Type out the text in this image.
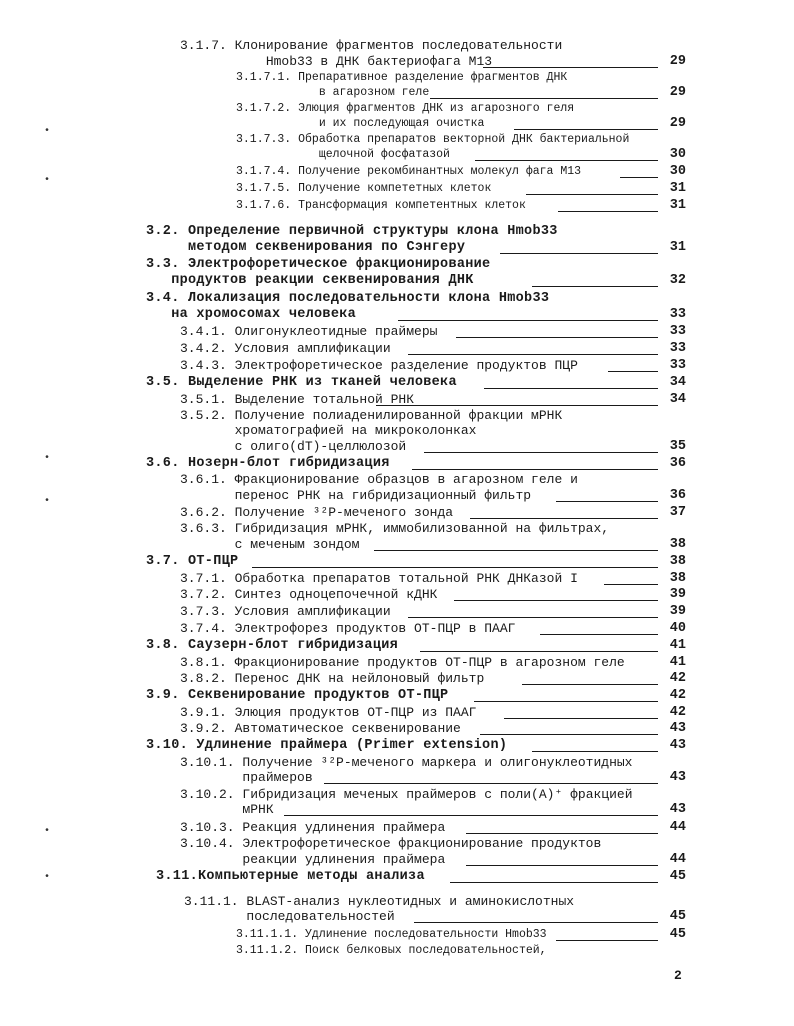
3.1.7. Клонирование фрагментов последовательности
Hmob33 в ДНК бактериофага M13	29
3.1.7.1. Препаративное разделение фрагментов ДНК
в агарозном геле	29
3.1.7.2. Элюция фрагментов ДНК из агарозного геля
и их последующая очистка	29
3.1.7.3. Обработка препаратов векторной ДНК бактериальной
щелочной фосфатазой	30
3.1.7.4. Получение рекомбинантных молекул фага M13	30
3.1.7.5. Получение компететных клеток	31
3.1.7.6. Трансформация компетентных клеток	31
3.2. Определение первичной структуры клона Hmob33
методом секвенирования по Сэнгеру	31
3.3. Электрофоретическое фракционирование
продуктов реакции секвенирования ДНК	32
3.4. Локализация последовательности клона Hmob33
на хромосомах человека	33
3.4.1. Олигонуклеотидные праймеры	33
3.4.2. Условия амплификации	33
3.4.3. Электрофоретическое разделение продуктов ПЦР	33
3.5. Выделение РНК из тканей человека	34
3.5.1. Выделение тотальной РНК	34
3.5.2. Получение полиаденилированной фракции мРНК
хроматографией на микроколонках
с олиго(dT)-целлюлозой	35
3.6. Нозерн-блот гибридизация	36
3.6.1. Фракционирование образцов в агарозном геле и
перенос РНК на гибридизационный фильтр	36
3.6.2. Получение ³²P-меченого зонда	37
3.6.3. Гибридизация мРНК, иммобилизованной на фильтрах,
с меченым зондом	38
3.7. ОТ-ПЦР	38
3.7.1. Обработка препаратов тотальной РНК ДНКазой I	38
3.7.2. Синтез одноцепочечной кДНК	39
3.7.3. Условия амплификации	39
3.7.4. Электрофорез продуктов ОТ-ПЦР в ПААГ	40
3.8. Саузерн-блот гибридизация	41
3.8.1. Фракционирование продуктов ОТ-ПЦР в агарозном геле	41
3.8.2. Перенос ДНК на нейлоновый фильтр	42
3.9. Секвенирование продуктов ОТ-ПЦР	42
3.9.1. Элюция продуктов ОТ-ПЦР из ПААГ	42
3.9.2. Автоматическое секвенирование	43
3.10. Удлинение праймера (Primer extension)	43
3.10.1. Получение ³²P-меченого маркера и олигонуклеотидных
праймеров	43
3.10.2. Гибридизация меченых праймеров с поли(A)⁺ фракцией
мРНК	43
3.10.3. Реакция удлинения праймера	44
3.10.4. Электрофоретическое фракционирование продуктов
реакции удлинения праймера	44
3.11.Компьютерные методы анализа	45
3.11.1. BLAST-анализ нуклеотидных и аминокислотных
последовательностей	45
3.11.1.1. Удлинение последовательности Hmob33	45
3.11.1.2. Поиск белковых последовательностей,
2
•
•
•
•
•
•
